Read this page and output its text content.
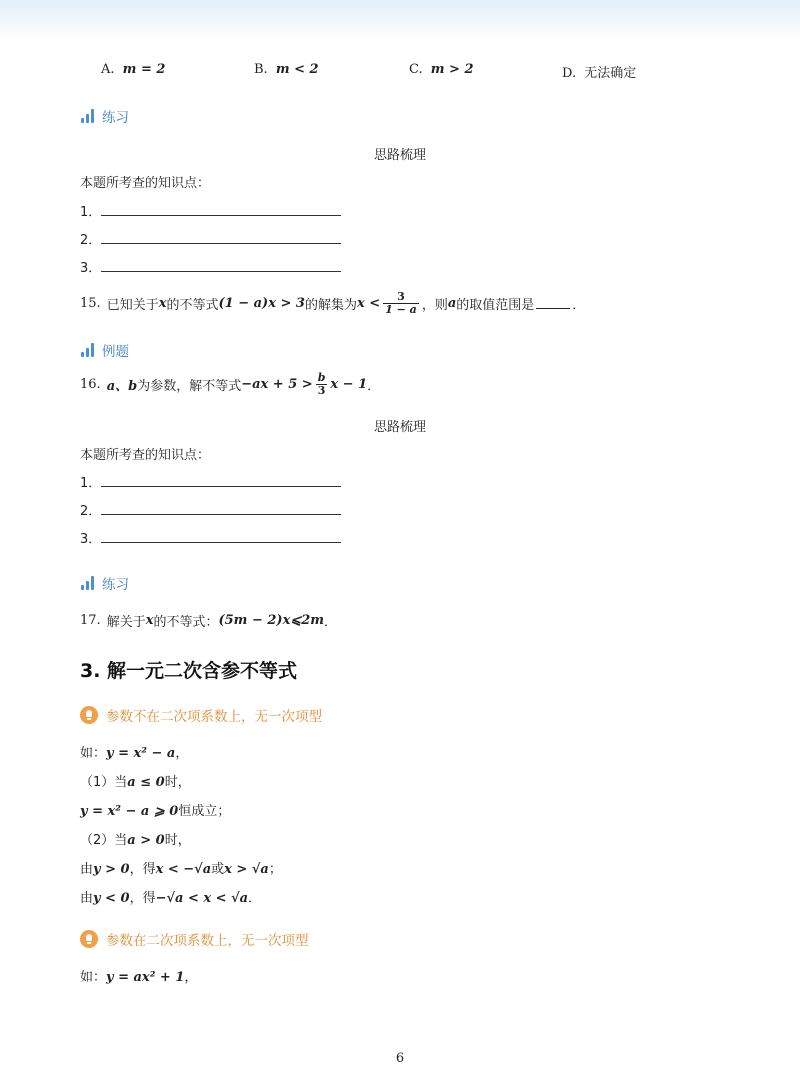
A. m = 2	B. m < 2	C. m > 2	D. 无法确定
练习
思路梳理
本题所考查的知识点：
1．
2．
3．
15. 已知关于 x 的不等式 (1 − a)x > 3 的解集为 $x < \frac{3}{1 - a}$ ，则 a 的取值范围是	．
例题
16. a、b 为参数，解不等式 $-ax + 5 > \frac{b}{3}$ x − 1 ．
思路梳理
本题所考查的知识点：
1．
2．
3．
练习
17. 解关于 x 的不等式： (5m − 2)x⩽2m ．
3. 解一元二次含参不等式
参数不在二次项系数上，无一次项型
如：y = x² − a，
（1）当a ≤ 0时，
y = x² − a ⩾ 0恒成立；
（2）当a > 0时，
由y > 0，得x < −√a或x > √a；
由y < 0，得−√a < x < √a．
参数在二次项系数上，无一次项型
如：y = ax² + 1，
6
